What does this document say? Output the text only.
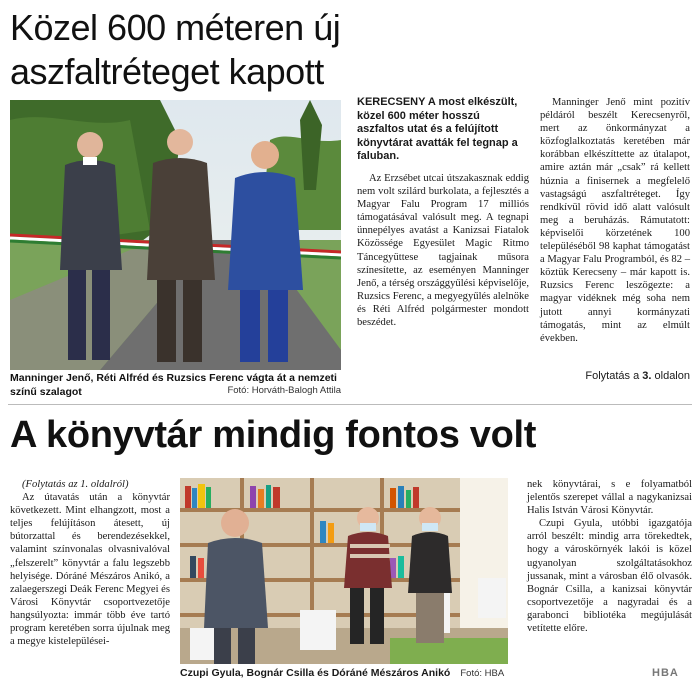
Közel 600 méteren új
aszfaltréteget kapott
Manninger Jenő, Réti Alfréd és Ruzsics Ferenc vágta át a nemzeti színű szalagot	Fotó: Horváth-Balogh Attila

KERECSENY A most elkészült, közel 600 méter hosszú aszfaltos utat és a felújított könyvtárat avatták fel tegnap a faluban.

Az Erzsébet utcai útszakasznak eddig nem volt szilárd burkolata, a fejlesztés a Magyar Falu Program 17 milliós támogatásával valósult meg. A tegnapi ünnepélyes avatást a Kanizsai Fiatalok Közössége Egyesület Magic Ritmo Táncegyüttese tagjainak műsora színesítette, az eseményen Manninger Jenő, a térség országgyűlési képviselője, Ruzsics Ferenc, a megyegyűlés alelnöke és Réti Alfréd polgármester mondott beszédet.

Manninger Jenő mint pozitív példáról beszélt Kerecsenyről, mert az önkormányzat a közfoglalkoztatás keretében már korábban elkészíttette az útalapot, amire aztán már „csak” rá kellett húznia a finisernek a megfelelő vastagságú aszfaltréteget. Így rendkívül rövid idő alatt valósult meg a beruházás. Rámutatott: képviselői körzetének 100 településéből 98 kaphat támogatást a Magyar Falu Programból, és 82 – köztük Kerecseny – már kapott is. Ruzsics Ferenc leszögezte: a magyar vidéknek még soha nem jutott annyi kormányzati támogatás, mint az elmúlt években.

Folytatás a 3. oldalon
A könyvtár mindig fontos volt

(Folytatás az 1. oldalról)

Az útavatás után a könyvtár következett. Mint elhangzott, most a teljes felújításon átesett, új bútorzattal és berendezésekkel, valamint színvonalas olvasnivalóval „felszerelt” könyvtár a falu legszebb helyisége. Dóráné Mészáros Anikó, a zalaegerszegi Deák Ferenc Megyei és Városi Könyvtár csoportvezetője hangsúlyozta: immár több éve tartó program keretében sorra újulnak meg a megye kistelepülései-

Czupi Gyula, Bognár Csilla és Dóráné Mészáros Anikó Fotó: HBA

nek könyvtárai, s e folyamatból jelentős szerepet vállal a nagykanizsai Halis István Városi Könyvtár.

Czupi Gyula, utóbbi igazgatója arról beszélt: mindig arra törekedtek, hogy a városkörnyék lakói is közel ugyanolyan szolgáltatásokhoz jussanak, mint a városban élő olvasók. Bognár Csilla, a kanizsai könyvtár csoportvezetője a nagyradai és a garabonci bibliotéka megújulását vetítette előre.

HBA
